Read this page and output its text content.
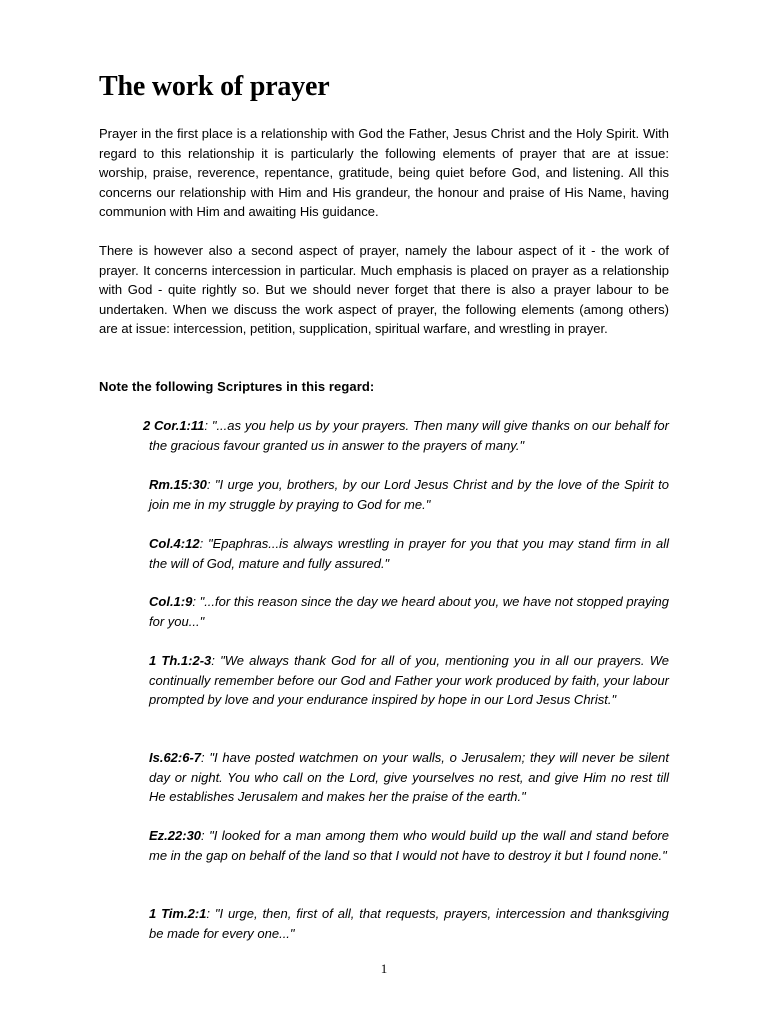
The work of prayer

Prayer in the first place is a relationship with God the Father, Jesus Christ and the Holy Spirit. With regard to this relationship it is particularly the following elements of prayer that are at issue: worship, praise, reverence, repentance, gratitude, being quiet before God, and listening. All this concerns our relationship with Him and His grandeur, the honour and praise of His Name, having communion with Him and awaiting His guidance.

There is however also a second aspect of prayer, namely the labour aspect of it - the work of prayer. It concerns intercession in particular. Much emphasis is placed on prayer as a relationship with God - quite rightly so. But we should never forget that there is also a prayer labour to be undertaken. When we discuss the work aspect of prayer, the following elements (among others) are at issue: intercession, petition, supplication, spiritual warfare, and wrestling in prayer.

Note the following Scriptures in this regard:

2 Cor.1:11: "...as you help us by your prayers. Then many will give thanks on our behalf for the gracious favour granted us in answer to the prayers of many."

Rm.15:30: "I urge you, brothers, by our Lord Jesus Christ and by the love of the Spirit to join me in my struggle by praying to God for me."

Col.4:12: "Epaphras...is always wrestling in prayer for you that you may stand firm in all the will of God, mature and fully assured."

Col.1:9: "...for this reason since the day we heard about you, we have not stopped praying for you..."

1 Th.1:2-3: "We always thank God for all of you, mentioning you in all our prayers. We continually remember before our God and Father your work produced by faith, your labour prompted by love and your endurance inspired by hope in our Lord Jesus Christ."

Is.62:6-7: "I have posted watchmen on your walls, o Jerusalem; they will never be silent day or night. You who call on the Lord, give yourselves no rest, and give Him no rest till He establishes Jerusalem and makes her the praise of the earth."

Ez.22:30: "I looked for a man among them who would build up the wall and stand before me in the gap on behalf of the land so that I would not have to destroy it but I found none."

1 Tim.2:1: "I urge, then, first of all, that requests, prayers, intercession and thanksgiving be made for every one..."

1
